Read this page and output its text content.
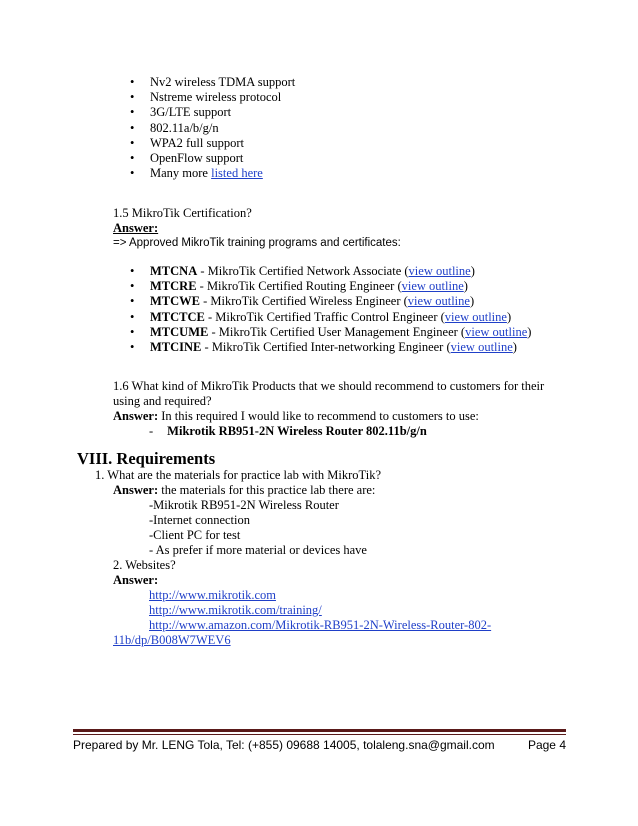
• Nv2 wireless TDMA support
• Nstreme wireless protocol
• 3G/LTE support
• 802.11a/b/g/n
• WPA2 full support
• OpenFlow support
• Many more listed here
1.5 MikroTik Certification?
Answer:
=> Approved MikroTik training programs and certificates:
• MTCNA - MikroTik Certified Network Associate (view outline)
• MTCRE - MikroTik Certified Routing Engineer (view outline)
• MTCWE - MikroTik Certified Wireless Engineer (view outline)
• MTCTCE - MikroTik Certified Traffic Control Engineer (view outline)
• MTCUME - MikroTik Certified User Management Engineer (view outline)
• MTCINE - MikroTik Certified Inter-networking Engineer (view outline)
1.6 What kind of MikroTik Products that we should recommend to customers for their
using and required?
Answer: In this required I would like to recommend to customers to use:
- Mikrotik RB951-2N Wireless Router 802.11b/g/n
VIII. Requirements
1. What are the materials for practice lab with MikroTik?
Answer: the materials for this practice lab there are:
-Mikrotik RB951-2N Wireless Router
-Internet connection
-Client PC for test
- As prefer if more material or devices have
2. Websites?
Answer:
http://www.mikrotik.com
http://www.mikrotik.com/training/
http://www.amazon.com/Mikrotik-RB951-2N-Wireless-Router-802-
11b/dp/B008W7WEV6
Prepared by Mr. LENG Tola, Tel: (+855) 09688 14005, tolaleng.sna@gmail.com	Page 4
